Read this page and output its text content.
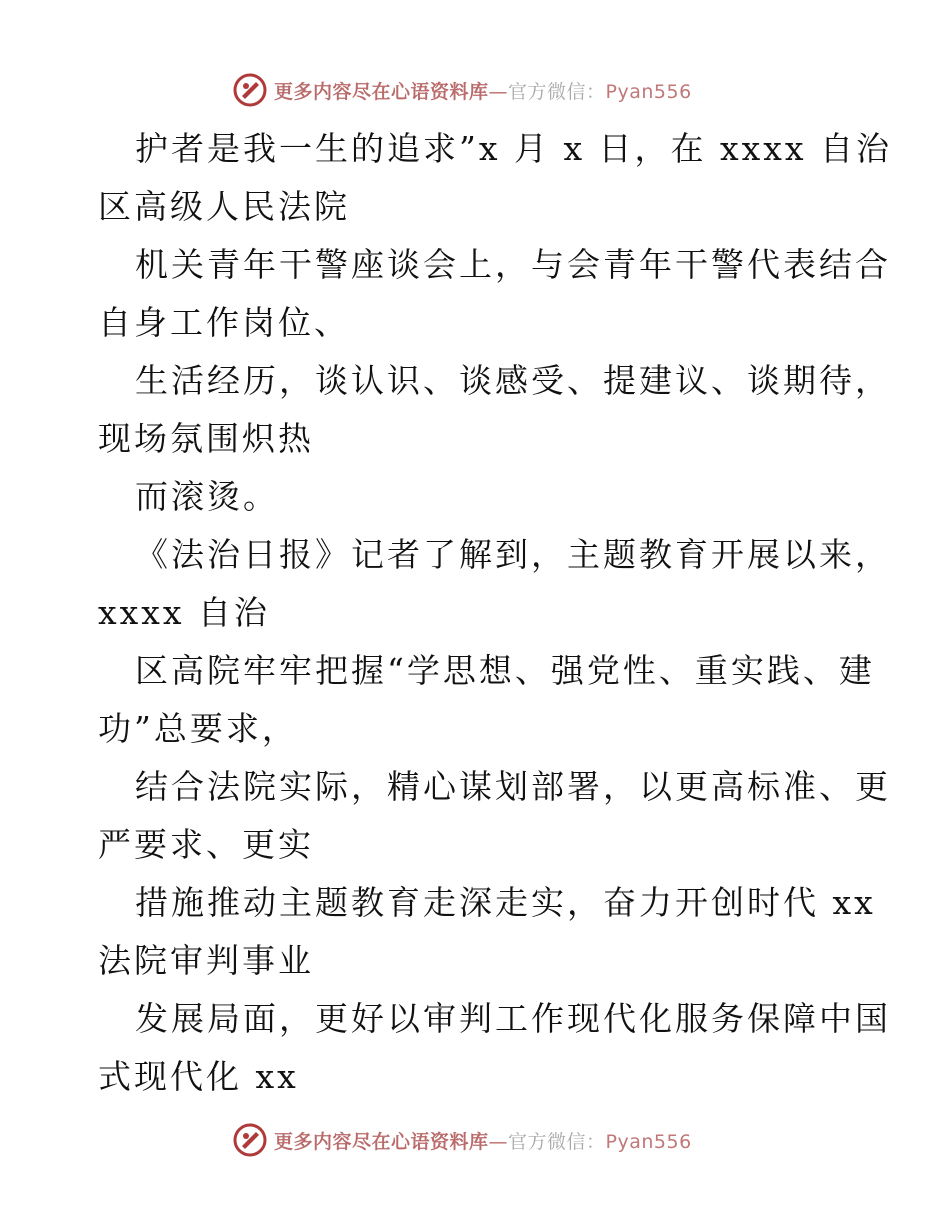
更多内容尽在心语资料库—官方微信：Pyan556
护者是我一生的追求”x 月 x 日，在 xxxx 自治
区高级人民法院
机关青年干警座谈会上，与会青年干警代表结合
自身工作岗位、
生活经历，谈认识、谈感受、提建议、谈期待，
现场氛围炽热
而滚烫。
《法治日报》记者了解到，主题教育开展以来，
xxxx 自治
区高院牢牢把握“学思想、强党性、重实践、建
功”总要求，
结合法院实际，精心谋划部署，以更高标准、更
严要求、更实
措施推动主题教育走深走实，奋力开创时代 xx
法院审判事业
发展局面，更好以审判工作现代化服务保障中国
式现代化 xx
更多内容尽在心语资料库—官方微信：Pyan556
